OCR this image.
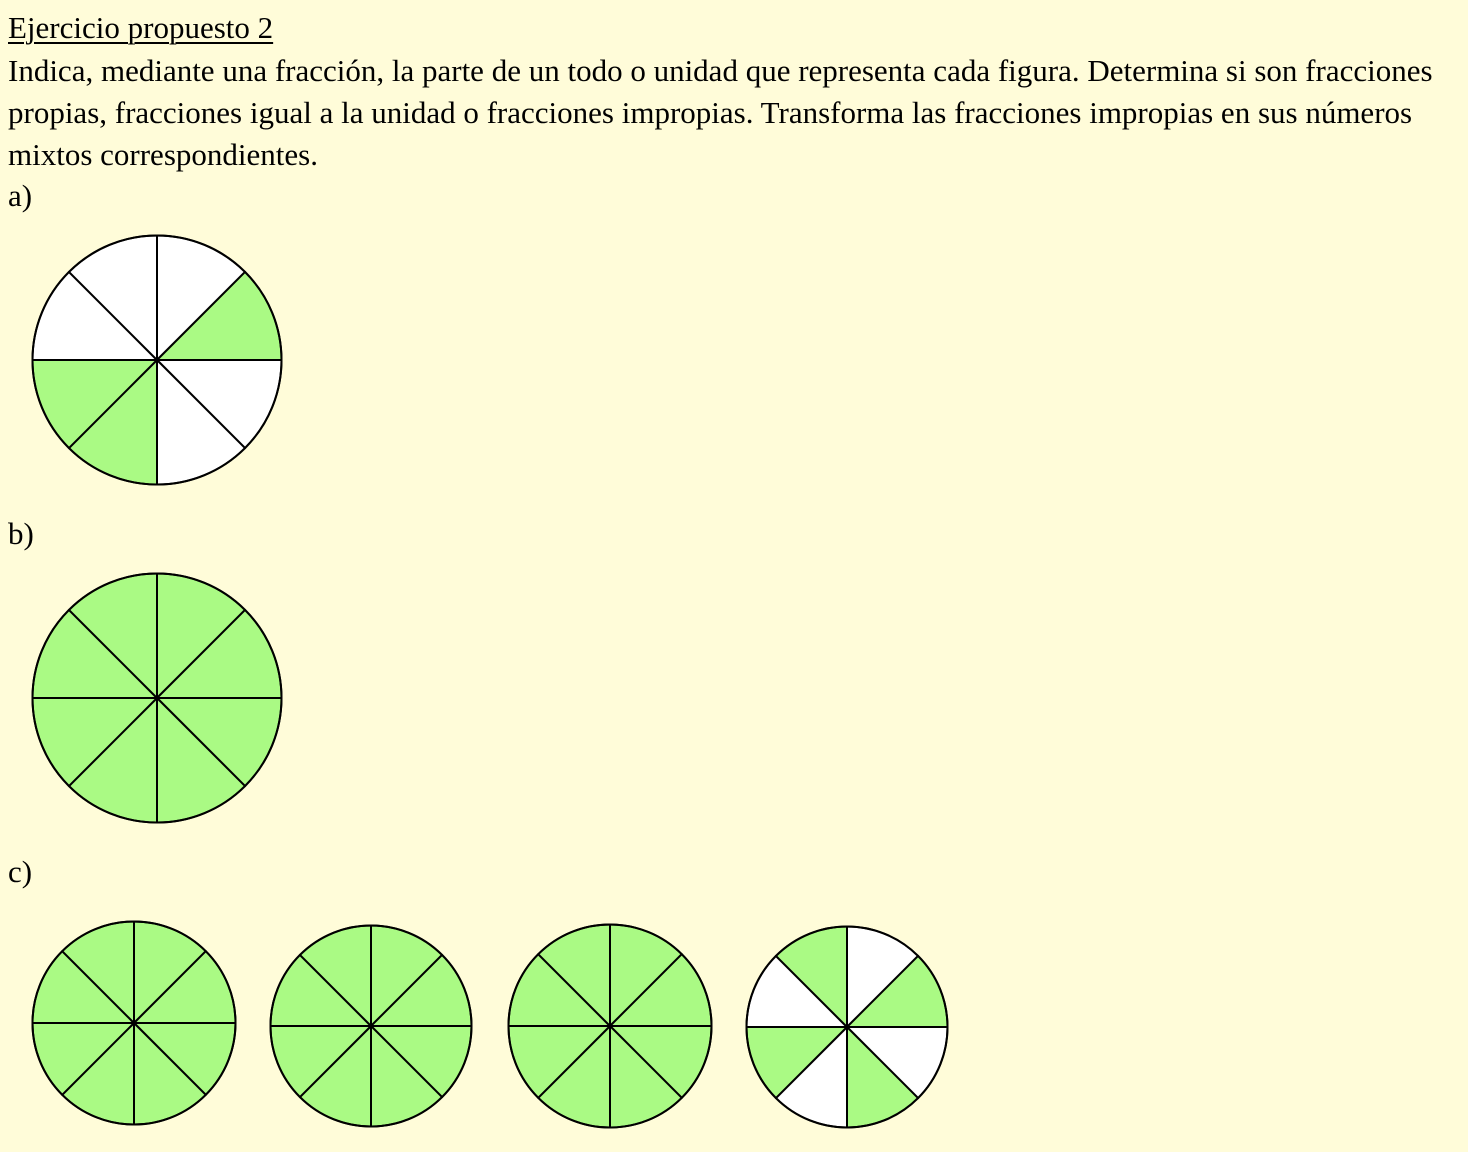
Ejercicio propuesto 2
Indica, mediante una fracción, la parte de un todo o unidad que representa cada figura. Determina si son fracciones propias, fracciones igual a la unidad o fracciones impropias. Transforma las fracciones impropias en sus números mixtos correspondientes.
a)
b)
c)
